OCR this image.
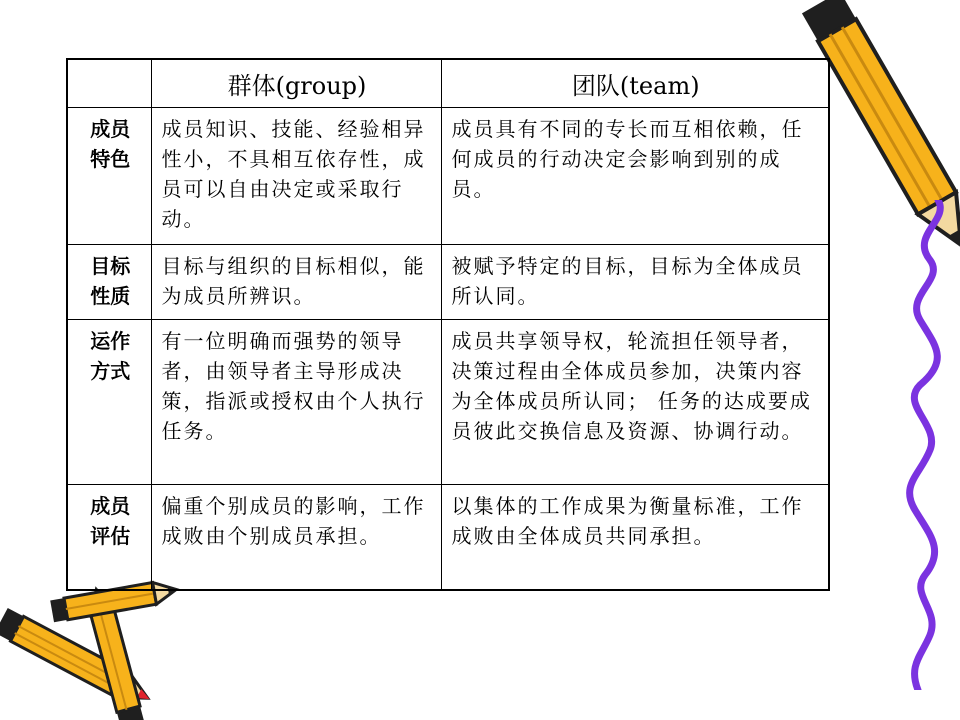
	群体(group)	团队(team)

成员特色	成员知识、技能、经验相异性小，不具相互依存性，成员可以自由决定或采取行动。	成员具有不同的专长而互相依赖，任何成员的行动决定会影响到别的成员。

目标性质	目标与组织的目标相似，能为成员所辨识。	被赋予特定的目标，目标为全体成员所认同。

运作方式	有一位明确而强势的领导者，由领导者主导形成决策，指派或授权由个人执行任务。	成员共享领导权，轮流担任领导者，决策过程由全体成员参加，决策内容为全体成员所认同； 任务的达成要成员彼此交换信息及资源、协调行动。

成员评估	偏重个别成员的影响，工作成败由个别成员承担。	以集体的工作成果为衡量标准，工作成败由全体成员共同承担。
